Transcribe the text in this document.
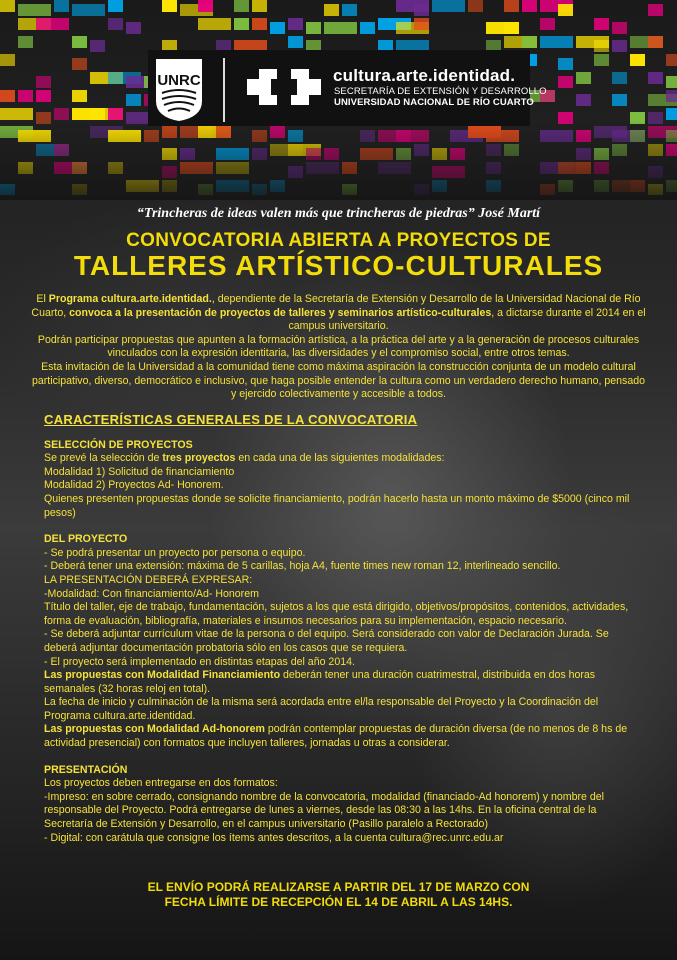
UNRC	cultura.arte.identidad.
SECRETARÍA DE EXTENSIÓN Y DESARROLLO
UNIVERSIDAD NACIONAL DE RÍO CUARTO
“Trincheras de ideas valen más que trincheras de piedras” José Martí
CONVOCATORIA ABIERTA A PROYECTOS DE
TALLERES ARTÍSTICO-CULTURALES

El Programa cultura.arte.identidad., dependiente de la Secretaría de Extensión y Desarrollo de la Universidad Nacional de Río Cuarto, convoca a la presentación de proyectos de talleres y seminarios artístico-culturales, a dictarse durante el 2014 en el campus universitario.

Podrán participar propuestas que apunten a la formación artística, a la práctica del arte y a la generación de procesos culturales vinculados con la expresión identitaria, las diversidades y el compromiso social, entre otros temas.

Esta invitación de la Universidad a la comunidad tiene como máxima aspiración la construcción conjunta de un modelo cultural participativo, diverso, democrático e inclusivo, que haga posible entender la cultura como un verdadero derecho humano, pensado y ejercido colectivamente y accesible a todos.

CARACTERÍSTICAS GENERALES DE LA CONVOCATORIA

SELECCIÓN DE PROYECTOS

Se prevé la selección de tres proyectos en cada una de las siguientes modalidades:

Modalidad 1) Solicitud de financiamiento

Modalidad 2) Proyectos Ad- Honorem.

Quienes presenten propuestas donde se solicite financiamiento, podrán hacerlo hasta un monto máximo de $5000 (cinco mil pesos)

DEL PROYECTO

- Se podrá presentar un proyecto por persona o equipo.

- Deberá tener una extensión: máxima de 5 carillas, hoja A4, fuente times new roman 12, interlineado sencillo.

LA PRESENTACIÓN DEBERÁ EXPRESAR:

-Modalidad: Con financiamiento/Ad- Honorem

Título del taller, eje de trabajo, fundamentación, sujetos a los que está dirigido, objetivos/propósitos, contenidos, actividades, forma de evaluación, bibliografía, materiales e insumos necesarios para su implementación, espacio necesario.

- Se deberá adjuntar currículum vitae de la persona o del equipo. Será considerado con valor de Declaración Jurada. Se deberá adjuntar documentación probatoria sólo en los casos que se requiera.

- El proyecto será implementado en distintas etapas del año 2014.

Las propuestas con Modalidad Financiamiento deberán tener una duración cuatrimestral, distribuida en dos horas semanales (32 horas reloj en total).

La fecha de inicio y culminación de la misma será acordada entre el/la responsable del Proyecto y la Coordinación del Programa cultura.arte.identidad.

Las propuestas con Modalidad Ad-honorem podrán contemplar propuestas de duración diversa (de no menos de 8 hs de actividad presencial) con formatos que incluyen talleres, jornadas u otras a considerar.

PRESENTACIÓN

Los proyectos deben entregarse en dos formatos:

-Impreso: en sobre cerrado, consignando nombre de la convocatoria, modalidad (financiado-Ad honorem) y nombre del responsable del Proyecto. Podrá entregarse de lunes a viernes, desde las 08:30 a las 14hs. En la oficina central de la Secretaría de Extensión y Desarrollo, en el campus universitario (Pasillo paralelo a Rectorado)

- Digital: con carátula que consigne los ítems antes descritos, a la cuenta cultura@rec.unrc.edu.ar

EL ENVÍO PODRÁ REALIZARSE A PARTIR DEL 17 DE MARZO CON

FECHA LÍMITE DE RECEPCIÓN EL 14 DE ABRIL A LAS 14HS.
